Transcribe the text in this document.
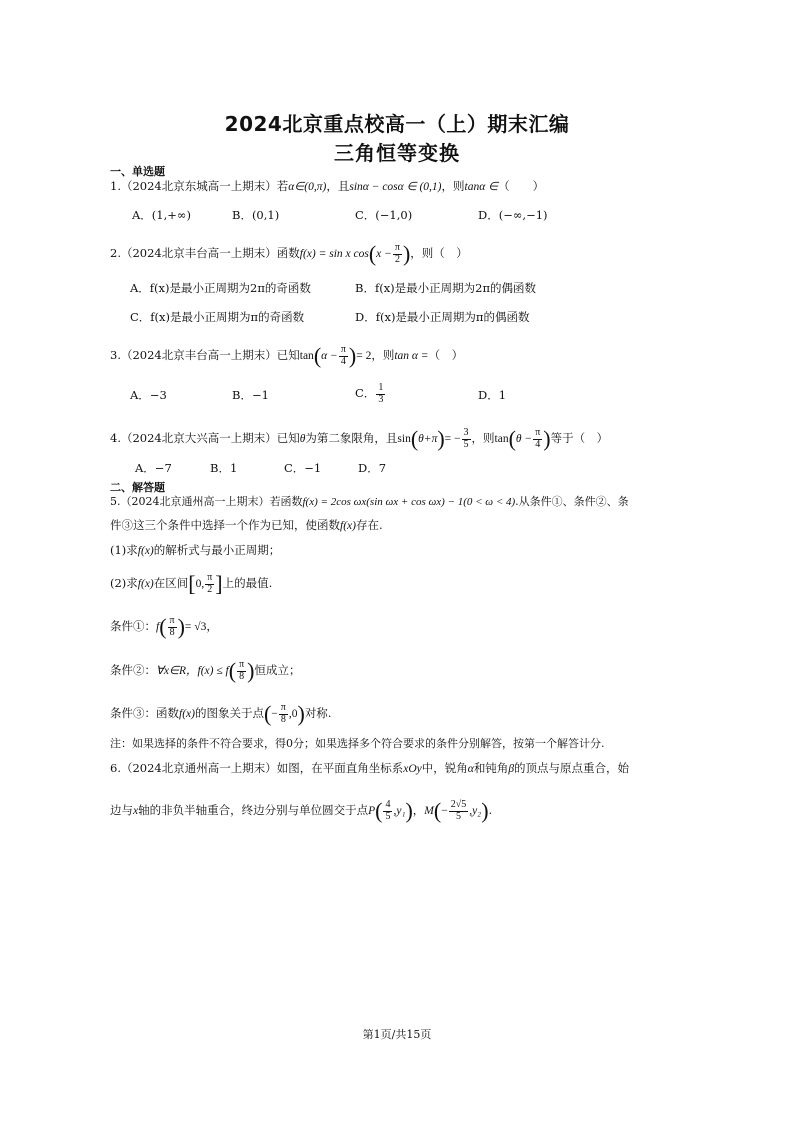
2024北京重点校高一（上）期末汇编
三角恒等变换
一、单选题
1.（2024北京东城高一上期末）若α∈(0,π)，且sinα − cosα ∈ (0,1)，则tanα ∈（　　）
A．(1,+∞)	B．(0,1)	C．(−1,0)	D．(−∞,−1)
2.（2024北京丰台高一上期末）函数f(x) = sin x $\cos(x - \frac{\pi}{2}$ )，则（　）
A．f(x)是最小正周期为2π的奇函数	B．f(x)是最小正周期为2π的偶函数
C．f(x)是最小正周期为π的奇函数	D．f(x)是最小正周期为π的偶函数
3.（2024北京丰台高一上期末）已知$\tan(\alpha - \frac{\pi}{4}$ )= 2，则tan α =（　）
A．−3	B．−1	C． $\frac{1}{3}$	D．1
4.（2024北京大兴高一上期末）已知θ为第二象限角，且$\sin(\theta+\pi)= - \frac{3}{5}$ ，则$\tan(\theta - \frac{\pi}{4}$ )等于（　）
A．−7	B．1	C．−1	D．7
二、解答题
5.（2024北京通州高一上期末）若函数f(x) = 2cos ωx(sin ωx + cos ωx) − 1(0 < ω < 4).从条件①、条件②、条
件③这三个条件中选择一个作为已知，使函数f(x)存在.
(1)求f(x)的解析式与最小正周期；
(2)求f(x)在区间[0, $\frac{\pi}{2}$ ]上的最值.
条件①：$f( \frac{\pi}{8}$ )= √3，
条件②：∀x∈R，$f(x) \le f( \frac{\pi}{8}$ )恒成立；
条件③：函数f(x)的图象关于点(− $\frac{\pi}{8} ,0$)对称.
注：如果选择的条件不符合要求，得0分；如果选择多个符合要求的条件分别解答，按第一个解答计分.
6.（2024北京通州高一上期末）如图，在平面直角坐标系xOy中，锐角α和钝角β的顶点与原点重合，始
边与x轴的非负半轴重合，终边分别与单位圆交于点$P( \frac{4}{5} ,y_1)$，$M(- \frac{2√5}{5} ,y_2)$.
第1页/共15页
